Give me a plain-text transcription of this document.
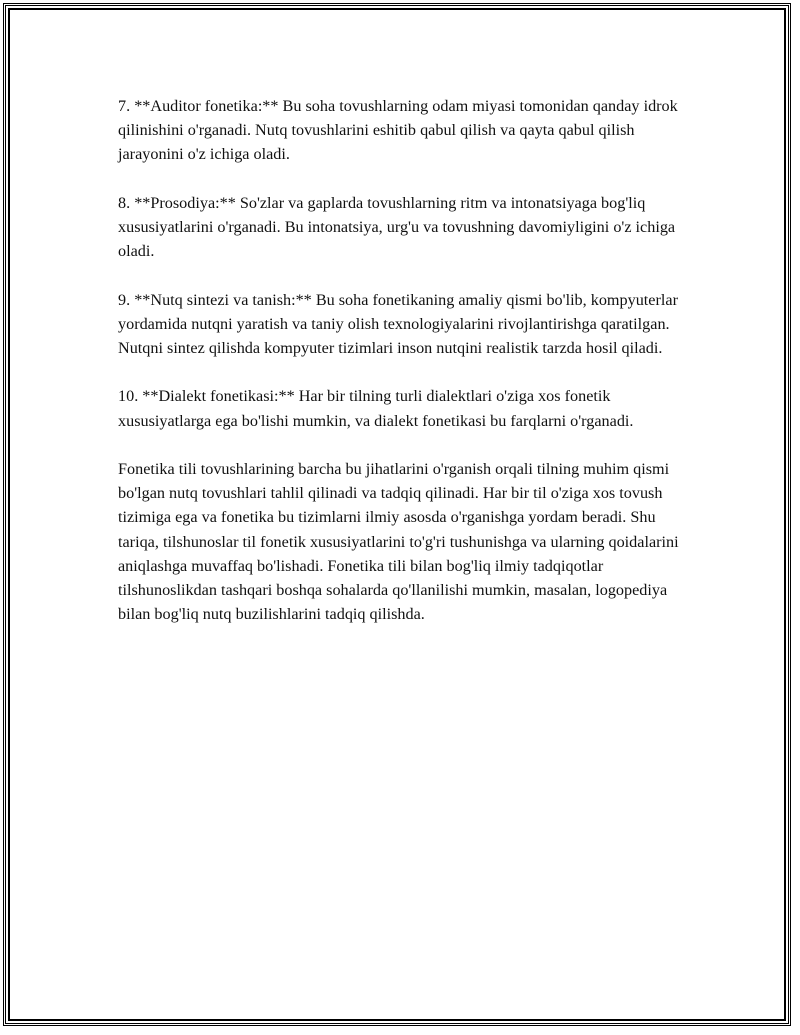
7. **Auditor fonetika:** Bu soha tovushlarning odam miyasi tomonidan qanday idrok qilinishini o'rganadi. Nutq tovushlarini eshitib qabul qilish va qayta qabul qilish jarayonini o'z ichiga oladi.

8. **Prosodiya:** So'zlar va gaplarda tovushlarning ritm va intonatsiyaga bog'liq xususiyatlarini o'rganadi. Bu intonatsiya, urg'u va tovushning davomiyligini o'z ichiga oladi.

9. **Nutq sintezi va tanish:** Bu soha fonetikaning amaliy qismi bo'lib, kompyuterlar yordamida nutqni yaratish va taniy olish texnologiyalarini rivojlantirishga qaratilgan. Nutqni sintez qilishda kompyuter tizimlari inson nutqini realistik tarzda hosil qiladi.

10. **Dialekt fonetikasi:** Har bir tilning turli dialektlari o'ziga xos fonetik xususiyatlarga ega bo'lishi mumkin, va dialekt fonetikasi bu farqlarni o'rganadi.

Fonetika tili tovushlarining barcha bu jihatlarini o'rganish orqali tilning muhim qismi bo'lgan nutq tovushlari tahlil qilinadi va tadqiq qilinadi. Har bir til o'ziga xos tovush tizimiga ega va fonetika bu tizimlarni ilmiy asosda o'rganishga yordam beradi. Shu tariqa, tilshunoslar til fonetik xususiyatlarini to'g'ri tushunishga va ularning qoidalarini aniqlashga muvaffaq bo'lishadi. Fonetika tili bilan bog'liq ilmiy tadqiqotlar tilshunoslikdan tashqari boshqa sohalarda qo'llanilishi mumkin, masalan, logopediya bilan bog'liq nutq buzilishlarini tadqiq qilishda.
